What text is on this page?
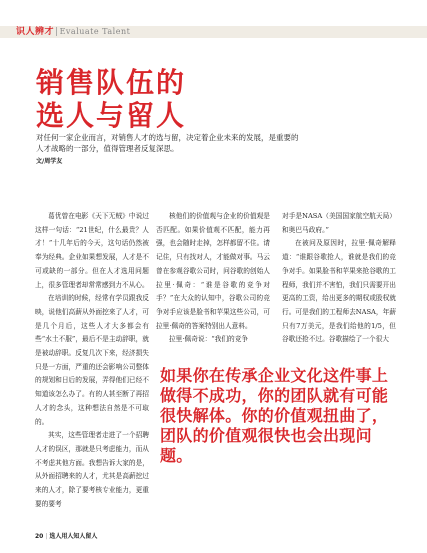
识人辨才|Evaluate Talent
销售队伍的
选人与留人

对任何一家企业而言，对销售人才的选与留，决定着企业未来的发展，是重要的人才战略的一部分，值得管理者反复深思。

文/周学友

葛优曾在电影《天下无贼》中说过这样一句话：“21世纪，什么最贵？人才！”十几年后的今天，这句话仍然被奉为经典。企业如果想发展，人才是不可或缺的一部分。但在人才选用问题上，很多管理者却常常感到力不从心。

在培训的时候，经常有学员跟我反映，说他们高薪从外面挖来了人才，可是几个月后，这些人才大多都会有些“水土不服”，最后不是主动辞职，就是被动辞职。反复几次下来，经济损失只是一方面，严重的还会影响公司整体的规划和日后的发展，弄得他们已经不知道该怎么办了。有的人甚至断了再招人才的念头，这种想法自然是不可取的。

其实，这些管理者走进了一个招聘人才的误区，那就是只考虑能力，而从不考虑其他方面。我想告诉大家的是，从外面招聘来的人才，尤其是高薪挖过来的人才，除了要考核专业能力，更重要的要考

核他们的价值观与企业的价值观是否匹配。如果价值观不匹配，能力再强，也会随时走掉，怎样都留不住。请记住，只有找对人，才能做对事。马云曾在参观谷歌公司时，问谷歌的创始人拉里·佩奇：“谁是谷歌的竞争对手？”在大众的认知中，谷歌公司的竞争对手应该是脸书和苹果这些公司，可拉里·佩奇的答案特别出人意料。

拉里·佩奇说：“我们的竞争

对手是NASA（美国国家航空航天局）和奥巴马政府。”

在被问及原因时，拉里·佩奇解释道：“谁跟谷歌抢人，谁就是我们的竞争对手。如果脸书和苹果来抢谷歌的工程师，我们并不害怕，我们只需要开出更高的工资，给出更多的期权或股权就行。可是我们的工程师去NASA，年薪只有7万美元，是我们给他的1/5，但谷歌还抢不过。谷歌描绘了一个很大

如果你在传承企业文化这件事上做得不成功，你的团队就有可能很快解体。你的价值观扭曲了，团队的价值观很快也会出现问题。

20 | 选人用人知人留人
